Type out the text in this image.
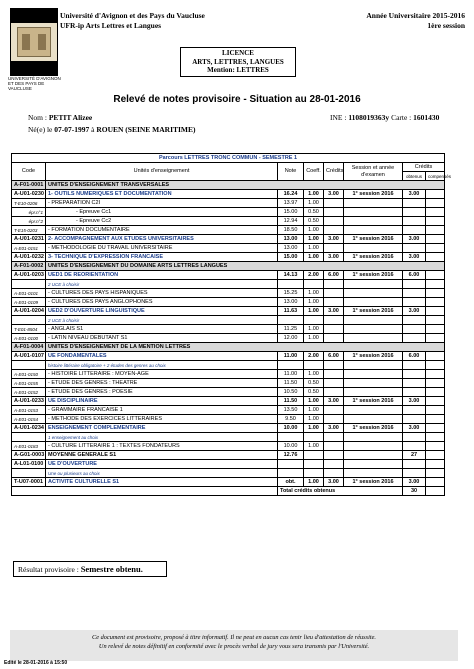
UNIVERSITÉ D'AVIGNON
ET DES PAYS DE VAUCLUSE
Université d'Avignon et des Pays du Vaucluse
UFR-ip Arts Lettres et Langues
Année Universitaire 2015-2016
1ère session
LICENCE
ARTS, LETTRES, LANGUES
Mention: LETTRES
Relevé de notes provisoire - Situation au 28-01-2016
Nom : PETIT Alizee	INE : 1108019363y Carte : 1601430
Né(e) le 07-07-1997 à ROUEN (SEINE MARITIME)
Parcours LETTRES TRONC COMMUN - SEMESTRE 1							
Code	Unités d'enseignement	Note	Coeff.	Crédits	Session et année d'examen	Crédits	
						obtenus	compensés
A-F01-0001	UNITES D'ENSEIGNEMENT TRANSVERSALES						
A-U01-0230	1- OUTILS NUMERIQUES ET DOCUMENTATION	16.24	1.00	3.00	1° session 2016	3.00	
T-E10-0206	- PREPARATION C2I	13.97	1.00				
épr.n°1	- Epreuve Cc1	15.00	0.50				
épr.n°2	- Epreuve Cc2	12.94	0.50				
T-E15-0203	- FORMATION DOCUMENTAIRE	18.50	1.00				
A-U01-0231	2- ACCOMPAGNEMENT AUX ETUDES UNIVERSITAIRES	13.00	1.00	3.00	1° session 2016	3.00	
A-E01-0151	- METHODOLOGIE DU TRAVAIL UNIVERSITAIRE	13.00	1.00				
A-U01-0232	3- TECHNIQUE D'EXPRESSION FRANCAISE	15.00	1.00	3.00	1° session 2016	3.00	
A-F01-0002	UNITES D'ENSEIGNEMENT DU DOMAINE ARTS LETTRES LANGUES						
A-U01-0203	UED1 DE REORIENTATION	14.13	2.00	6.00	1° session 2016	6.00	
	2 UCE à choisir						
A-E01-0101	- CULTURES DES PAYS HISPANIQUES	15.25	1.00				
A-E01-0109	- CULTURES DES PAYS ANGLOPHONES	13.00	1.00				
A-U01-0204	UED2 D'OUVERTURE LINGUISTIQUE	11.63	1.00	3.00	1° session 2016	3.00	
	2 UCE à choisir						
T-E01-8504	- ANGLAIS S1	11.25	1.00				
A-E01-0100	- LATIN NIVEAU DEBUTANT S1	12.00	1.00				
A-F01-0004	UNITES D'ENSEIGNEMENT DE LA MENTION LETTRES						
A-U01-0107	UE FONDAMENTALES	11.00	2.00	6.00	1° session 2016	6.00	
	histoire littéraire obligatoire + 2 études des genres au choix						
A-E01-0150	- HISTOIRE LITTERAIRE : MOYEN-AGE	11.00	1.00				
A-E01-0155	- ETUDE DES GENRES : THEATRE	11.50	0.50				
A-E01-0152	- ETUDE DES GENRES : POESIE	10.50	0.50				
A-U01-0233	UE DISCIPLINAIRE	11.50	1.00	3.00	1° session 2016	3.00	
A-E01-0153	- GRAMMAIRE FRANCAISE 1	13.50	1.00				
A-E01-0154	- METHODE DES EXERCICES LITTERAIRES	9.50	1.00				
A-U01-0234	ENSEIGNEMENT COMPLEMENTAIRE	10.00	1.00	3.00	1° session 2016	3.00	
	1 enseignement au choix						
A-E01-0183	- CULTURE LITTERAIRE 1 : TEXTES FONDATEURS	10.00	1.00				
A-G01-0003	MOYENNE GENERALE S1	12.76				27	
A-L01-0100	UE D'OUVERTURE						
	Une ou plusieurs au choix						
T-U07-0001	ACTIVITE CULTURELLE S1	obt.	1.00	3.00	1° session 2016	3.00	
		Total crédits obtenus				30	
Résultat provisoire : Semestre obtenu.
Ce document est provisoire, proposé à titre informatif. Il ne peut en aucun cas tenir lieu d'attestation de réussite.
Un relevé de notes définitif en conformité avec le procès verbal de jury vous sera transmis par l'Université.
Edité le 28-01-2016 à 15:50
